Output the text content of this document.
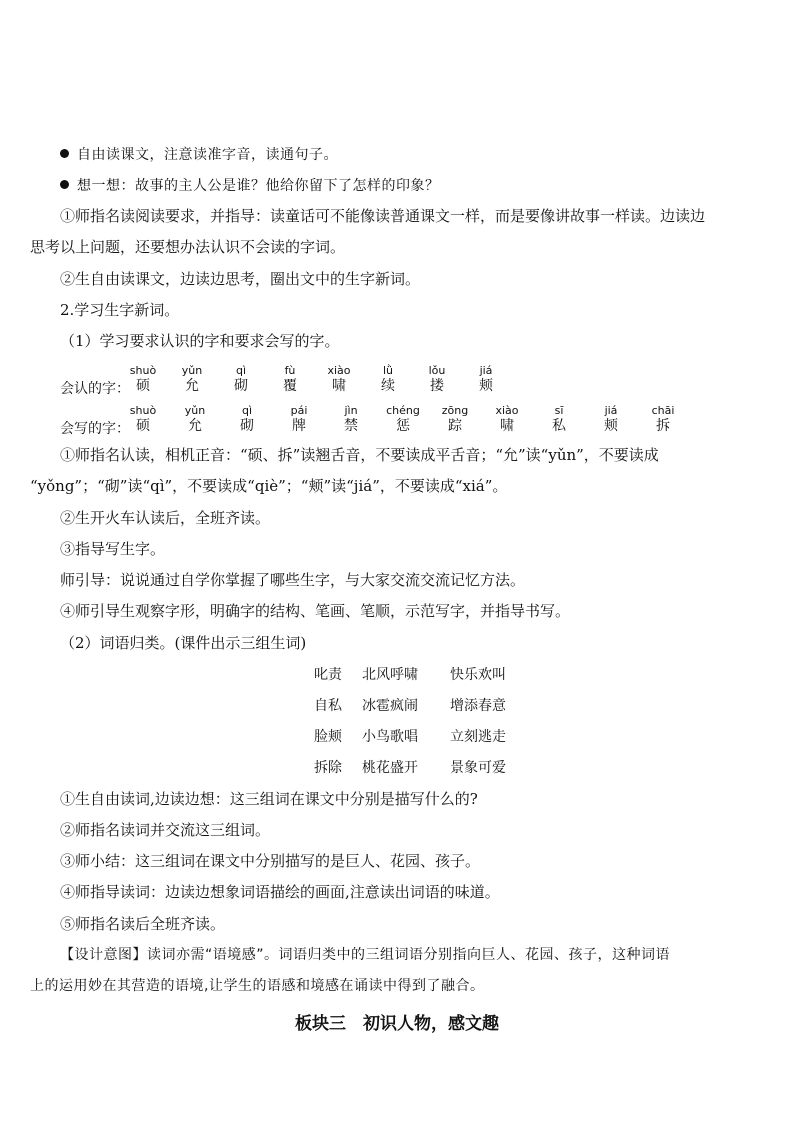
自由读课文，注意读准字音，读通句子。
想一想：故事的主人公是谁？他给你留下了怎样的印象？
①师指名读阅读要求，并指导：读童话可不能像读普通课文一样，而是要像讲故事一样读。边读边
思考以上问题，还要想办法认识不会读的字词。
②生自由读课文，边读边思考，圈出文中的生字新词。
2.学习生字新词。
（1）学习要求认识的字和要求会写的字。
会认的字：
shuò
硕
yǔn
允
qì
砌
fù
覆
xiào
啸
lǜ
续
lǒu
搂
jiá
颊
会写的字：
shuò
硕
yǔn
允
qì
砌
pái
牌
jìn
禁
chéng
惩
zōng
踪
xiào
啸
sī
私
jiá
颊
chāi
拆
①师指名认读，相机正音：“硕、拆”读翘舌音，不要读成平舌音；“允”读“yǔn”，不要读成
“yǒng”；“砌”读“qì”，不要读成“qiè”；“颊”读“jiá”，不要读成“xiá”。
②生开火车认读后，全班齐读。
③指导写生字。
师引导：说说通过自学你掌握了哪些生字，与大家交流交流记忆方法。
④师引导生观察字形，明确字的结构、笔画、笔顺，示范写字，并指导书写。
（2）词语归类。(课件出示三组生词)
叱责 北风呼啸 快乐欢叫
自私 冰雹疯闹 增添春意
脸颊 小鸟歌唱 立刻逃走
拆除 桃花盛开 景象可爱
①生自由读词,边读边想：这三组词在课文中分别是描写什么的?
②师指名读词并交流这三组词。
③师小结：这三组词在课文中分别描写的是巨人、花园、孩子。
④师指导读词：边读边想象词语描绘的画面,注意读出词语的味道。
⑤师指名读后全班齐读。
【设计意图】读词亦需“语境感”。词语归类中的三组词语分别指向巨人、花园、孩子，这种词语
上的运用妙在其营造的语境,让学生的语感和境感在诵读中得到了融合。
板块三　初识人物，感文趣
